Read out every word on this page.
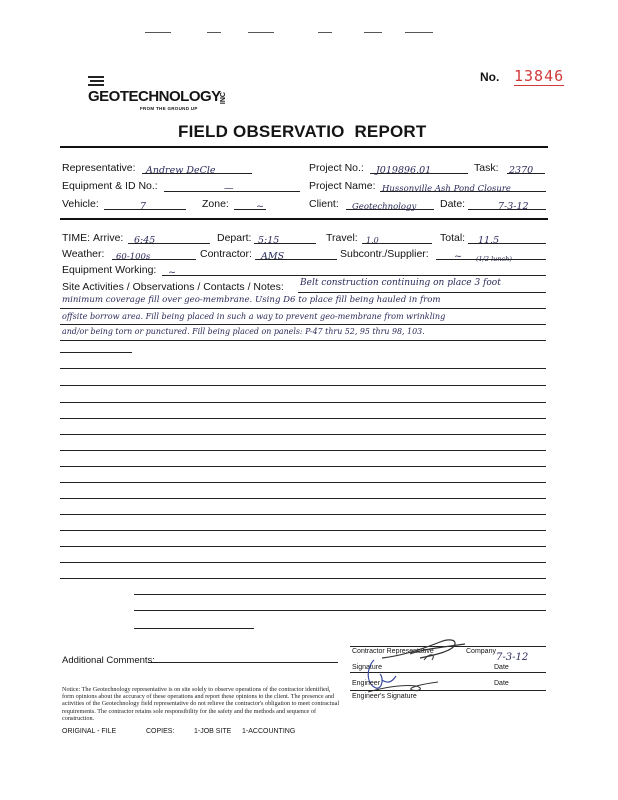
GEOTECHNOLOGY INC
FROM THE GROUND UP
No. 13846
FIELD OBSERVATIO  REPORT
Representative:	Andrew DeCle	Project No.:	J019896.01	Task: 2370
Equipment & ID No.:	—	Project Name: Hussonville Ash Pond Closure
Vehicle:	7	Zone:	~	Client:	Geotechnology	Date:	7-3-12
TIME: Arrive:	6:45	Depart: 5:15	Travel:	1.0	Total:	11.5 (1/2 lunch)
Weather:	60-100s	Contractor: AMS	Subcontr./Supplier:	~
Equipment Working:	~
Site Activities / Observations / Contacts / Notes: Belt construction continuing on place 3 foot
minimum coverage fill over geo-membrane. Using D6 to place fill being hauled in from
offsite borrow area. Fill being placed in such a way to prevent geo-membrane from wrinkling
and/or being torn or punctured. Fill being placed on panels: P-47 thru 52, 95 thru 98, 103.
Additional Comments:
Contractor Representative	Company
7-3-12
Signature	Date
Engineer	Date
Engineer's Signature
Notice: The Geotechnology representative is on site solely to observe operations of the contractor identified, form opinions about the accuracy of these operations and report these opinions to the client. The presence and activities of the Geotechnology field representative do not relieve the contractor's obligation to meet contractual requirements. The contractor retains sole responsibility for the safety and the methods and sequence of construction.
ORIGINAL - FILE	COPIES:	1-JOB SITE 1-ACCOUNTING
